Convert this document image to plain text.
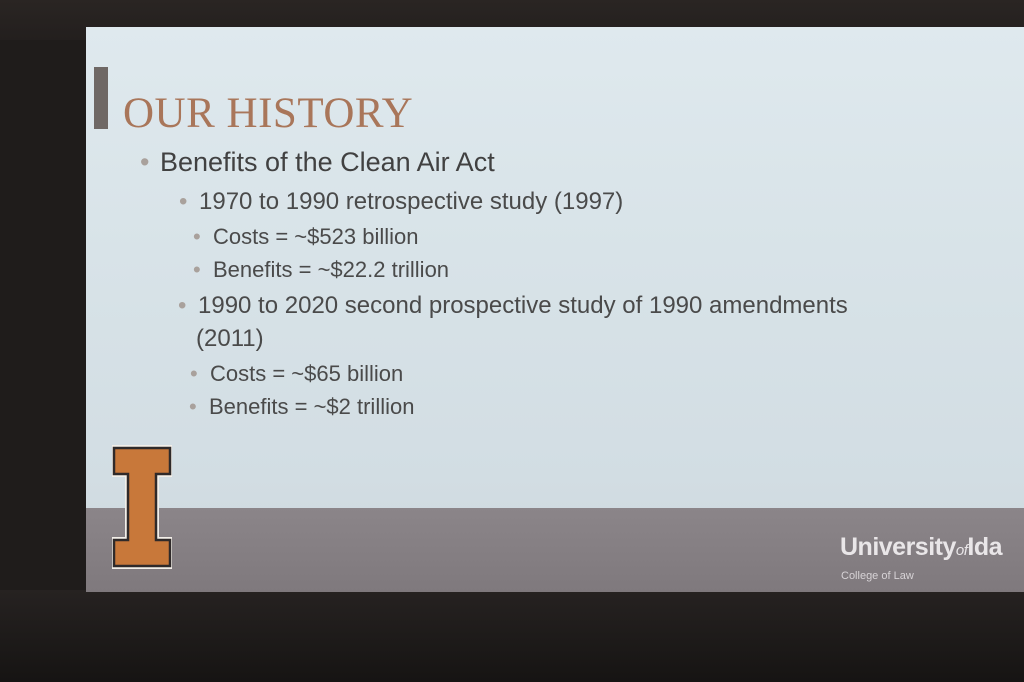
OUR HISTORY
• Benefits of the Clean Air Act
• 1970 to 1990 retrospective study (1997)
• Costs = ~$523 billion
• Benefits = ~$22.2 trillion
• 1990 to 2020 second prospective study of 1990 amendments
(2011)
• Costs = ~$65 billion
• Benefits = ~$2 trillion
UniversityofIda
College of Law
